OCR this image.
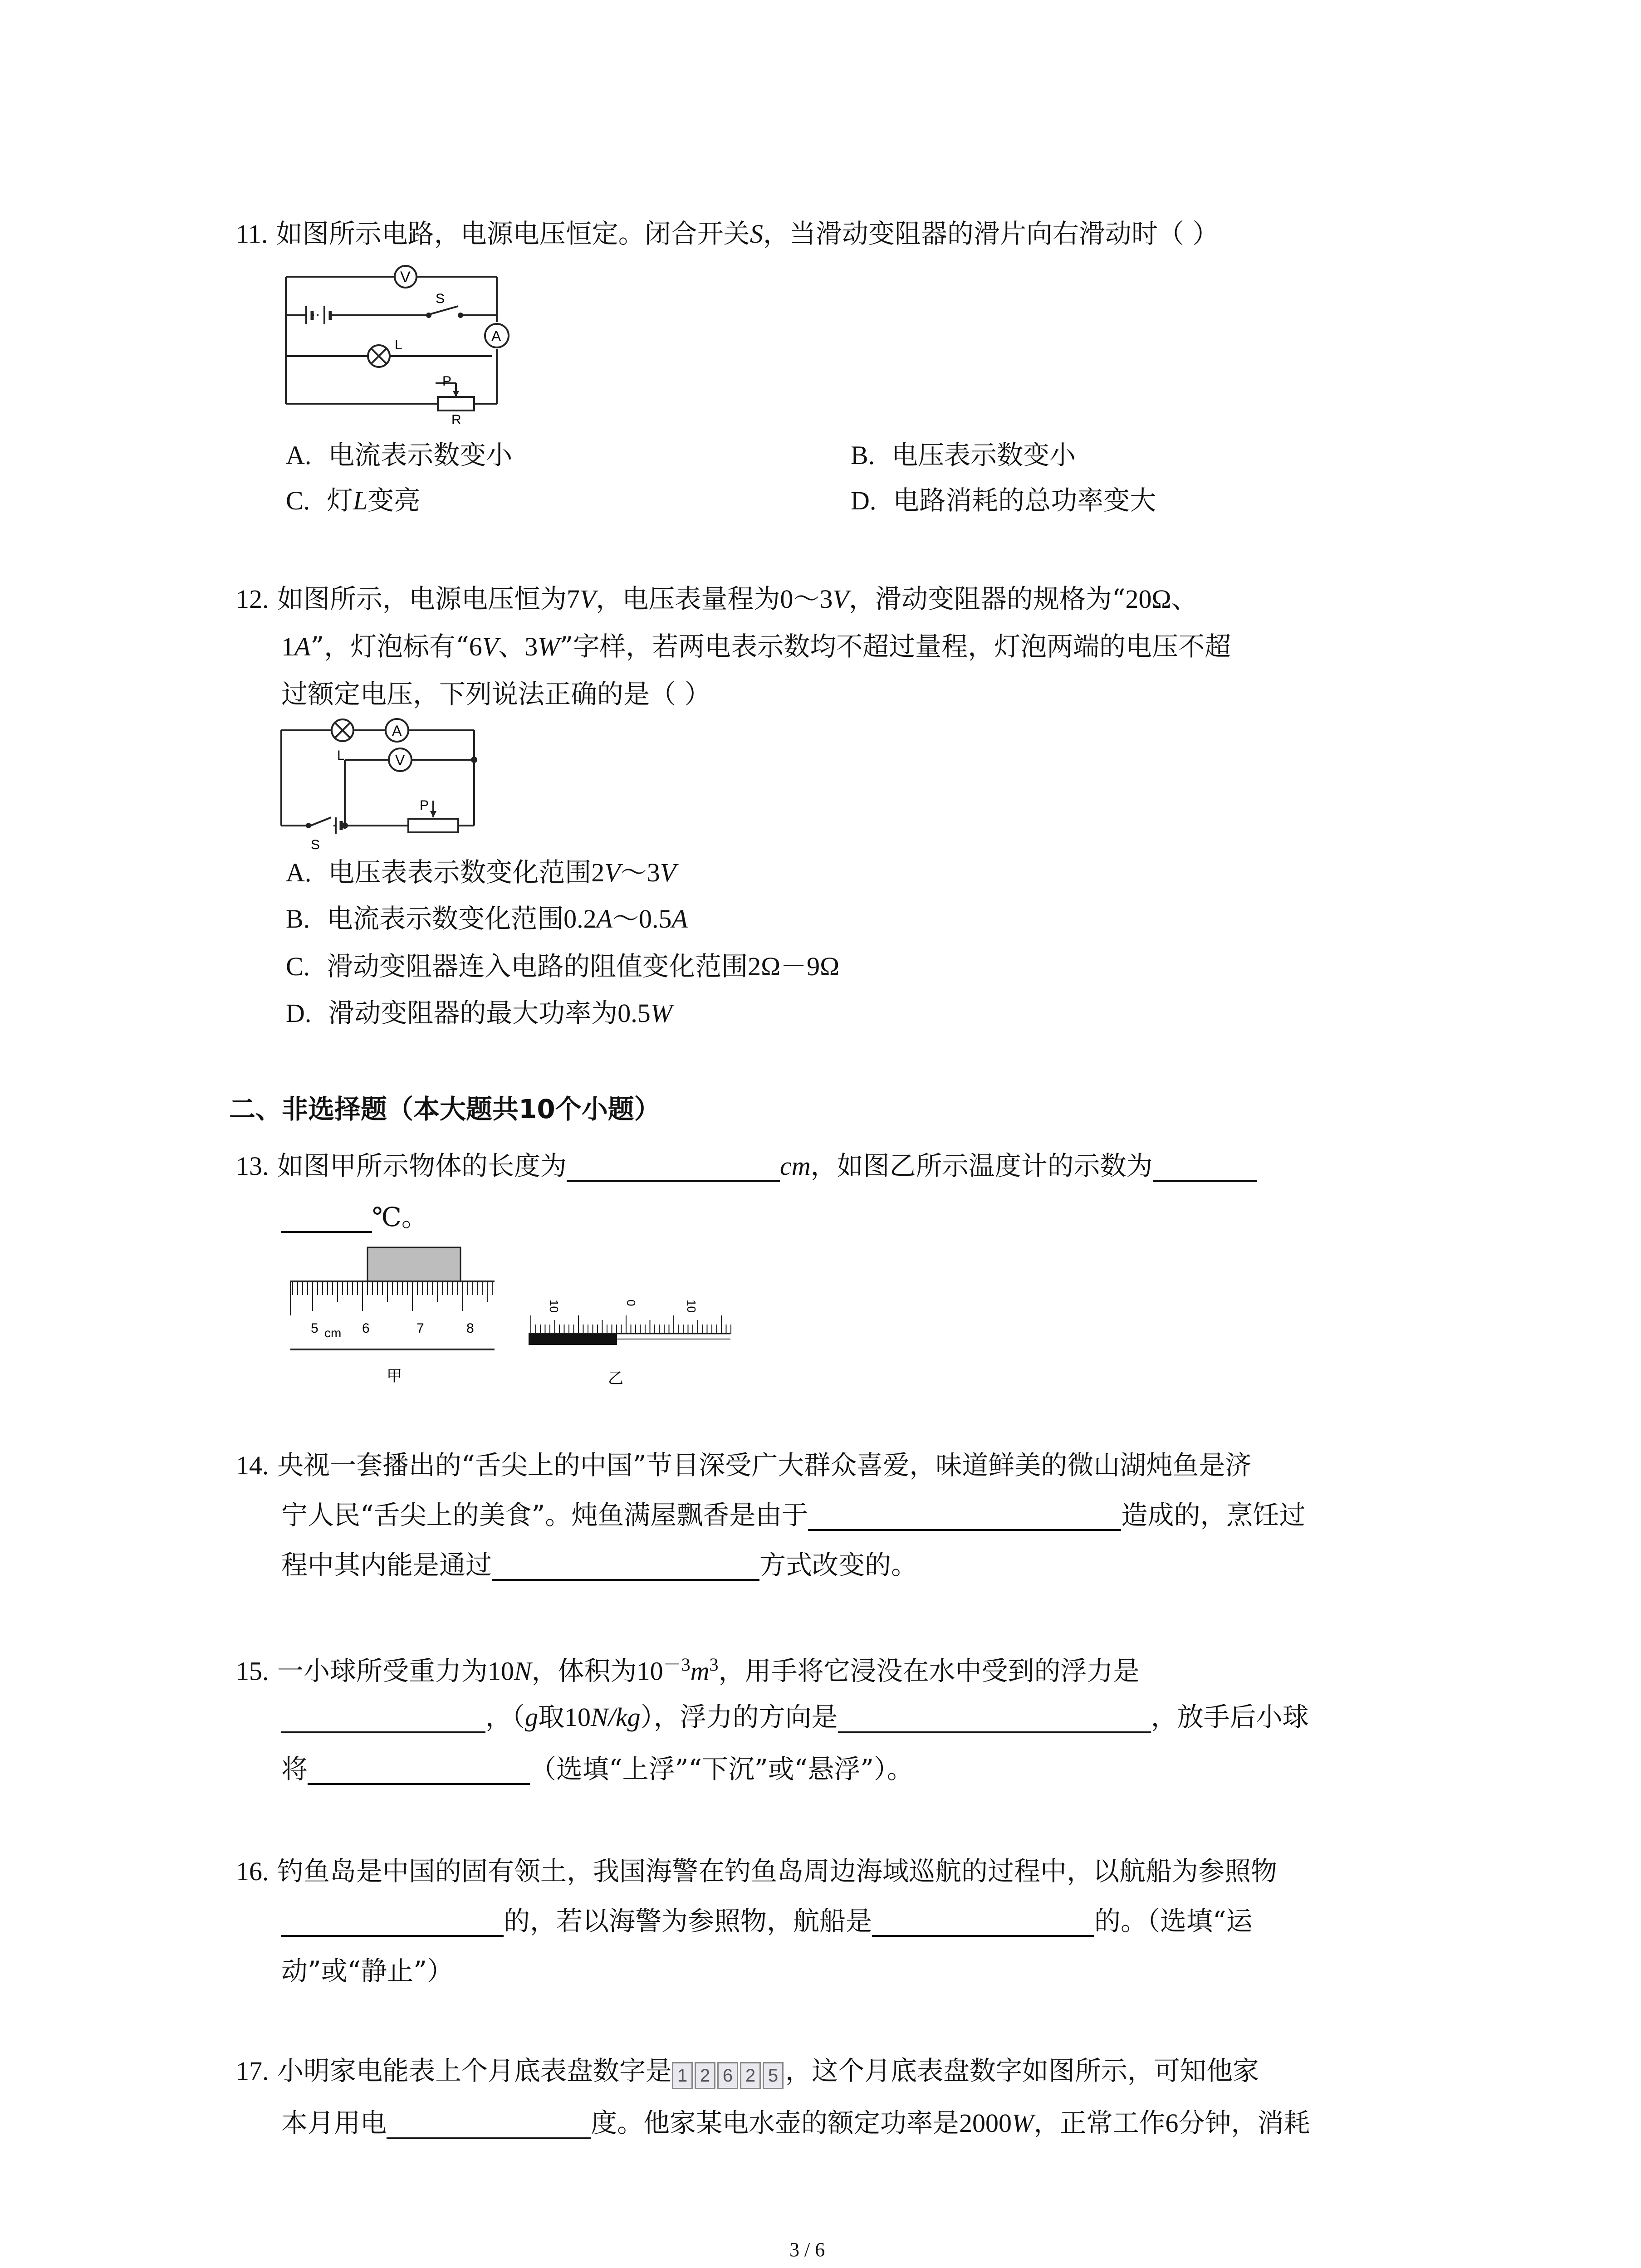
11. 如图所示电路，电源电压恒定。闭合开关S，当滑动变阻器的滑片向右滑动时（ ）
V
S
A
L
P
R
A. 电流表示数变小	B. 电压表示数变小
C. 灯L变亮	D. 电路消耗的总功率变大
12. 如图所示，电源电压恒为7V，电压表量程为0～3V，滑动变阻器的规格为“20Ω、
1A”，灯泡标有“6V、3W”字样，若两电表示数均不超过量程，灯泡两端的电压不超
过额定电压，下列说法正确的是（ ）
L
A
V
P
S
A. 电压表表示数变化范围2V～3V
B. 电流表示数变化范围0.2A～0.5A
C. 滑动变阻器连入电路的阻值变化范围2Ω－9Ω
D. 滑动变阻器的最大功率为0.5W
二、非选择题（本大题共10个小题）
13. 如图甲所示物体的长度为	cm，如图乙所示温度计的示数为
℃。
5 cm 6	7	8
甲
10	0	10
乙
14. 央视一套播出的“舌尖上的中国”节目深受广大群众喜爱，味道鲜美的微山湖炖鱼是济
宁人民“舌尖上的美食”。炖鱼满屋飘香是由于	造成的，烹饪过
程中其内能是通过	方式改变的。
15. 一小球所受重力为10N，体积为$10^{-3}m^3$，用手将它浸没在水中受到的浮力是
，（g取10N/kg），浮力的方向是	，放手后小球
将	（选填“上浮”“下沉”或“悬浮”）。
16. 钓鱼岛是中国的固有领土，我国海警在钓鱼岛周边海域巡航的过程中，以航船为参照物
的，若以海警为参照物，航船是	的。（选填“运
动”或“静止”）
17. 小明家电能表上个月底表盘数字是 1 2 6 2 5 ，这个月底表盘数字如图所示，可知他家
本月用电	度。他家某电水壶的额定功率是2000W，正常工作6分钟，消耗
3 / 6
